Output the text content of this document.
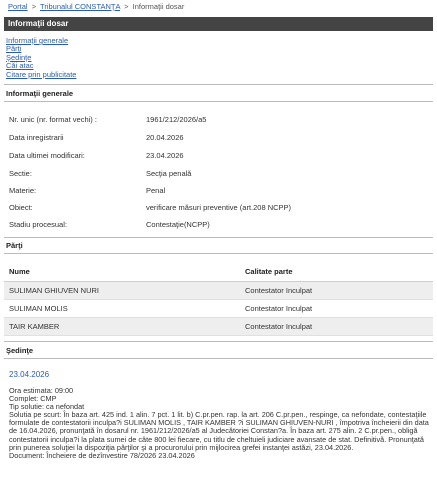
Portal > Tribunalul CONSTANŢA > Informaţii dosar
Informaţii dosar
Informaţii generale
Părţi
Şedinţe
Căi atac
Citare prin publicitate
Informaţii generale
Nr. unic (nr. format vechi) :	1961/212/2026/a5
Data inregistrarii	20.04.2026
Data ultimei modificari:	23.04.2026
Sectie:	Secţia penală
Materie:	Penal
Obiect:	verificare măsuri preventive (art.208 NCPP)
Stadiu procesual:	Contestaţie(NCPP)
Părţi
Nume	Calitate parte
SULIMAN GHIUVEN NURI	Contestator Inculpat
SULIMAN MOLIS	Contestator Inculpat
TAIR KAMBER	Contestator Inculpat
Şedinţe
23.04.2026
Ora estimata: 09:00
Complet: CMP
Tip solutie: ca nefondat
Solutia pe scurt: În baza art. 425 ind. 1 alin. 7 pct. 1 lit. b) C.pr.pen. rap. la art. 206 C.pr.pen., respinge, ca nefondate, contestaţiile formulate de contestatorii inculpa?i SULIMAN MOLIS , TAIR KAMBER ?i SULIMAN GHIUVEN-NURI , împotriva încheierii din data de 16.04.2026, pronunţată în dosarul nr. 1961/212/2026/a5 al Judecătoriei Constan?a. În baza art. 275 alin. 2 C.pr.pen., obligă contestatorii inculpa?i la plata sumei de câte 800 lei fiecare, cu titlu de cheltuieli judiciare avansate de stat. Definitivă. Pronunţată prin punerea soluţiei la dispoziţia părţilor şi a procurorului prin mijlocirea grefei instanţei astăzi, 23.04.2026.
Document: Încheiere de dezînvestire 78/2026 23.04.2026
